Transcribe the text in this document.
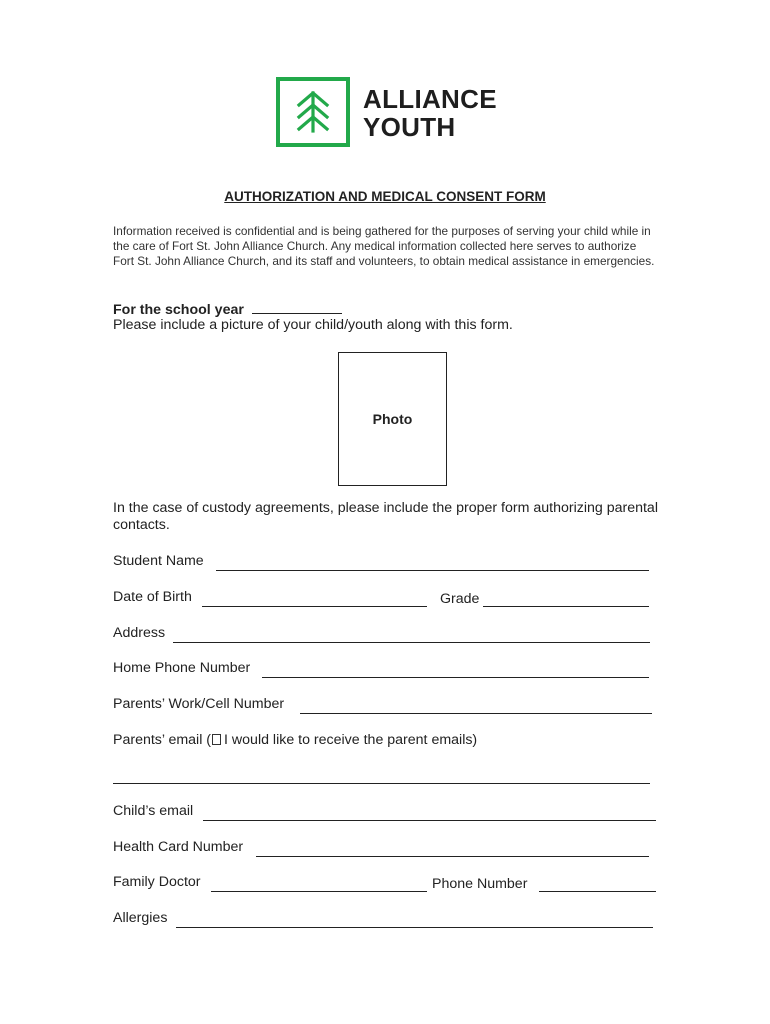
ALLIANCE
YOUTH
AUTHORIZATION AND MEDICAL CONSENT FORM
Information received is confidential and is being gathered for the purposes of serving your child while in the care of Fort St. John Alliance Church. Any medical information collected here serves to authorize Fort St. John Alliance Church, and its staff and volunteers, to obtain medical assistance in emergencies.
For the school year
Please include a picture of your child/youth along with this form.
Photo
In the case of custody agreements, please include the proper form authorizing parental contacts.
Student Name
Date of Birth	Grade
Address
Home Phone Number
Parents’ Work/Cell Number
Parents’ email ( I would like to receive the parent emails)
Child’s email
Health Card Number
Family Doctor	Phone Number
Allergies
